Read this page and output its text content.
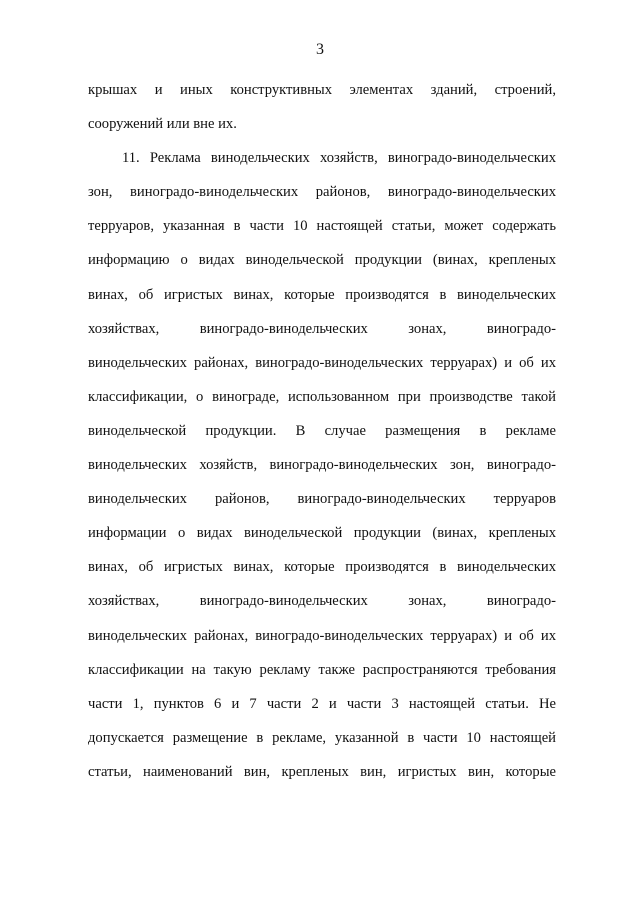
3
крышах и иных конструктивных элементах зданий, строений,
сооружений или вне их.
11. Реклама винодельческих хозяйств, виноградо-винодельческих
зон, виноградо-винодельческих районов, виноградо-винодельческих
терруаров, указанная в части 10 настоящей статьи, может содержать
информацию о видах винодельческой продукции (винах, крепленых
винах, об игристых винах, которые производятся в винодельческих
хозяйствах, виноградо-винодельческих зонах, виноградо-
винодельческих районах, виноградо-винодельческих терруарах) и об их
классификации, о винограде, использованном при производстве такой
винодельческой продукции. В случае размещения в рекламе
винодельческих хозяйств, виноградо-винодельческих зон, виноградо-
винодельческих районов, виноградо-винодельческих терруаров
информации о видах винодельческой продукции (винах, крепленых
винах, об игристых винах, которые производятся в винодельческих
хозяйствах, виноградо-винодельческих зонах, виноградо-
винодельческих районах, виноградо-винодельческих терруарах) и об их
классификации на такую рекламу также распространяются требования
части 1, пунктов 6 и 7 части 2 и части 3 настоящей статьи. Не
допускается размещение в рекламе, указанной в части 10 настоящей
статьи, наименований вин, крепленых вин, игристых вин, которые
